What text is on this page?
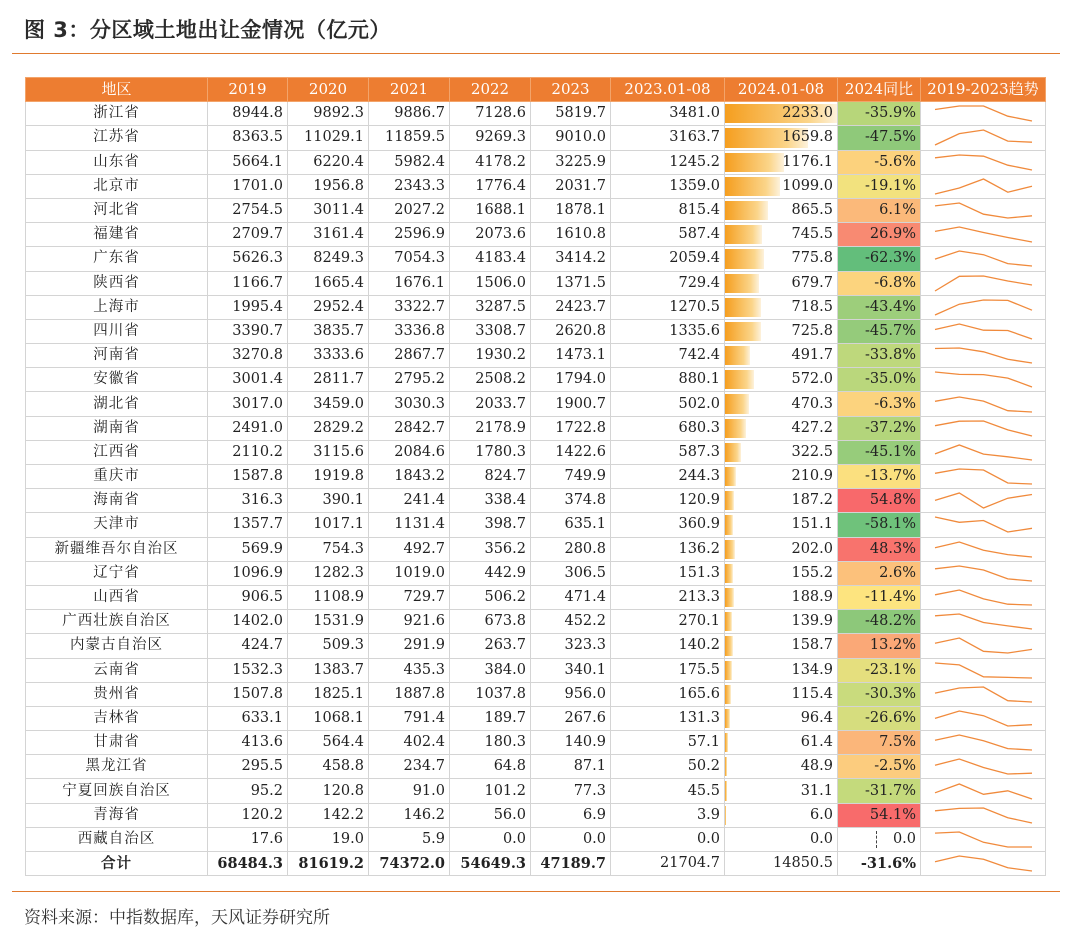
图 3：分区域土地出让金情况（亿元）
地区	2019	2020	2021	2022	2023	2023.01-08	2024.01-08	2024同比	2019-2023趋势
浙江省	8944.8	9892.3	9886.7	7128.6	5819.7	3481.0	2233.0	-35.9%	

江苏省	8363.5	11029.1	11859.5	9269.3	9010.0	3163.7	1659.8	-47.5%	

山东省	5664.1	6220.4	5982.4	4178.2	3225.9	1245.2	1176.1	-5.6%	

北京市	1701.0	1956.8	2343.3	1776.4	2031.7	1359.0	1099.0	-19.1%	

河北省	2754.5	3011.4	2027.2	1688.1	1878.1	815.4	865.5	6.1%	

福建省	2709.7	3161.4	2596.9	2073.6	1610.8	587.4	745.5	26.9%	

广东省	5626.3	8249.3	7054.3	4183.4	3414.2	2059.4	775.8	-62.3%	

陕西省	1166.7	1665.4	1676.1	1506.0	1371.5	729.4	679.7	-6.8%	

上海市	1995.4	2952.4	3322.7	3287.5	2423.7	1270.5	718.5	-43.4%	

四川省	3390.7	3835.7	3336.8	3308.7	2620.8	1335.6	725.8	-45.7%	

河南省	3270.8	3333.6	2867.7	1930.2	1473.1	742.4	491.7	-33.8%	

安徽省	3001.4	2811.7	2795.2	2508.2	1794.0	880.1	572.0	-35.0%	

湖北省	3017.0	3459.0	3030.3	2033.7	1900.7	502.0	470.3	-6.3%	

湖南省	2491.0	2829.2	2842.7	2178.9	1722.8	680.3	427.2	-37.2%	

江西省	2110.2	3115.6	2084.6	1780.3	1422.6	587.3	322.5	-45.1%	

重庆市	1587.8	1919.8	1843.2	824.7	749.9	244.3	210.9	-13.7%	

海南省	316.3	390.1	241.4	338.4	374.8	120.9	187.2	54.8%	

天津市	1357.7	1017.1	1131.4	398.7	635.1	360.9	151.1	-58.1%	

新疆维吾尔自治区	569.9	754.3	492.7	356.2	280.8	136.2	202.0	48.3%	

辽宁省	1096.9	1282.3	1019.0	442.9	306.5	151.3	155.2	2.6%	

山西省	906.5	1108.9	729.7	506.2	471.4	213.3	188.9	-11.4%	

广西壮族自治区	1402.0	1531.9	921.6	673.8	452.2	270.1	139.9	-48.2%	

内蒙古自治区	424.7	509.3	291.9	263.7	323.3	140.2	158.7	13.2%	

云南省	1532.3	1383.7	435.3	384.0	340.1	175.5	134.9	-23.1%	

贵州省	1507.8	1825.1	1887.8	1037.8	956.0	165.6	115.4	-30.3%	

吉林省	633.1	1068.1	791.4	189.7	267.6	131.3	96.4	-26.6%	

甘肃省	413.6	564.4	402.4	180.3	140.9	57.1	61.4	7.5%	

黑龙江省	295.5	458.8	234.7	64.8	87.1	50.2	48.9	-2.5%	

宁夏回族自治区	95.2	120.8	91.0	101.2	77.3	45.5	31.1	-31.7%	

青海省	120.2	142.2	146.2	56.0	6.9	3.9	6.0	54.1%	

西藏自治区	17.6	19.0	5.9	0.0	0.0	0.0	0.0	0.0	

合计	68484.3	81619.2	74372.0	54649.3	47189.7	21704.7	14850.5	-31.6%	
资料来源：中指数据库，天风证券研究所
